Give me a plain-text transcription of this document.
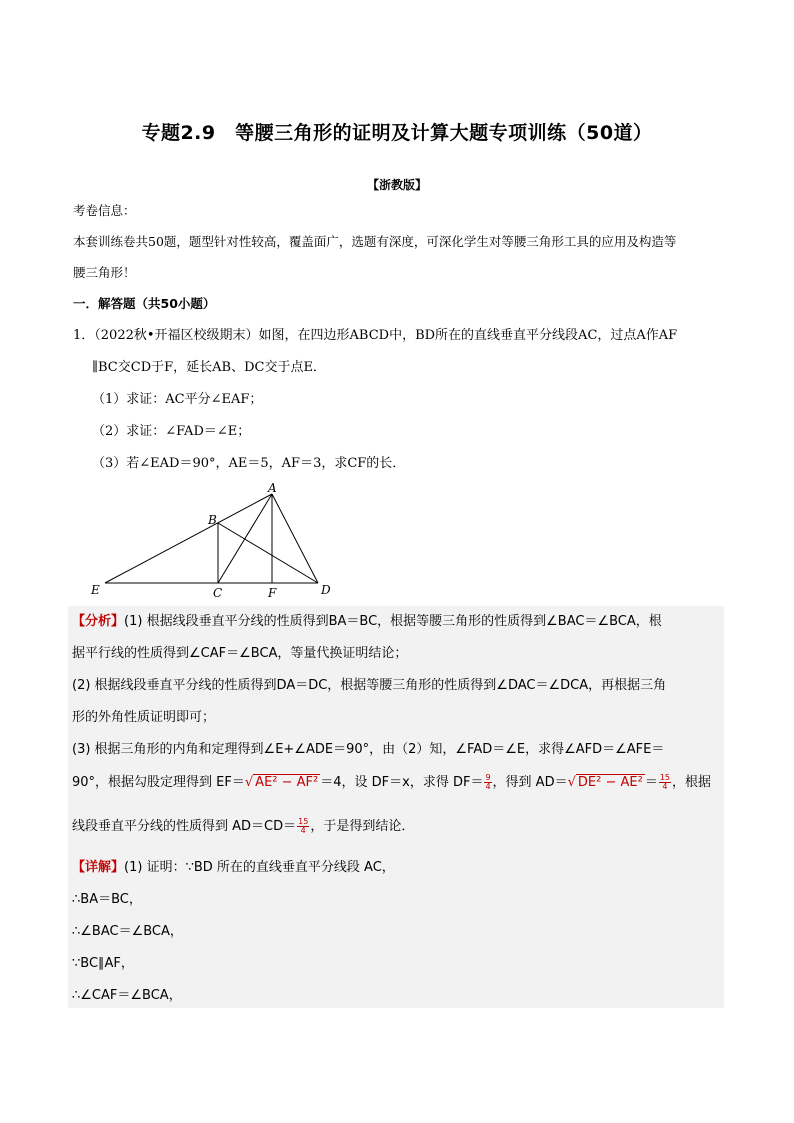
专题2.9　等腰三角形的证明及计算大题专项训练（50道）
【浙教版】
考卷信息：
本套训练卷共50题，题型针对性较高，覆盖面广，选题有深度，可深化学生对等腰三角形工具的应用及构造等
腰三角形！
一．解答题（共50小题）
1．（2022秋•开福区校级期末）如图，在四边形ABCD中，BD所在的直线垂直平分线段AC，过点A作AF
∥BC交CD于F，延长AB、DC交于点E．
（1）求证：AC平分∠EAF；
（2）求证：∠FAD＝∠E；
（3）若∠EAD＝90°，AE＝5，AF＝3，求CF的长．
A
B
C	D
E	F
【分析】(1) 根据线段垂直平分线的性质得到BA＝BC，根据等腰三角形的性质得到∠BAC＝∠BCA，根
据平行线的性质得到∠CAF＝∠BCA，等量代换证明结论；
(2) 根据线段垂直平分线的性质得到DA＝DC，根据等腰三角形的性质得到∠DAC＝∠DCA，再根据三角
形的外角性质证明即可；
(3) 根据三角形的内角和定理得到∠E+∠ADE＝90°，由（2）知，∠FAD＝∠E，求得∠AFD＝∠AFE＝
90°，根据勾股定理得到 EF＝√ AE² − AF² ＝4，设 DF＝x，求得 $DF= \frac{9}{4}$ ，得到 AD＝√ $DE^2 - AE^2 = \frac{15}{4}$ ，根据
线段垂直平分线的性质得到 $AD=CD= \frac{15}{4}$ ，于是得到结论．
【详解】(1) 证明：∵BD 所在的直线垂直平分线段 AC，
∴BA＝BC，
∴∠BAC＝∠BCA，
∵BC∥AF，
∴∠CAF＝∠BCA，
